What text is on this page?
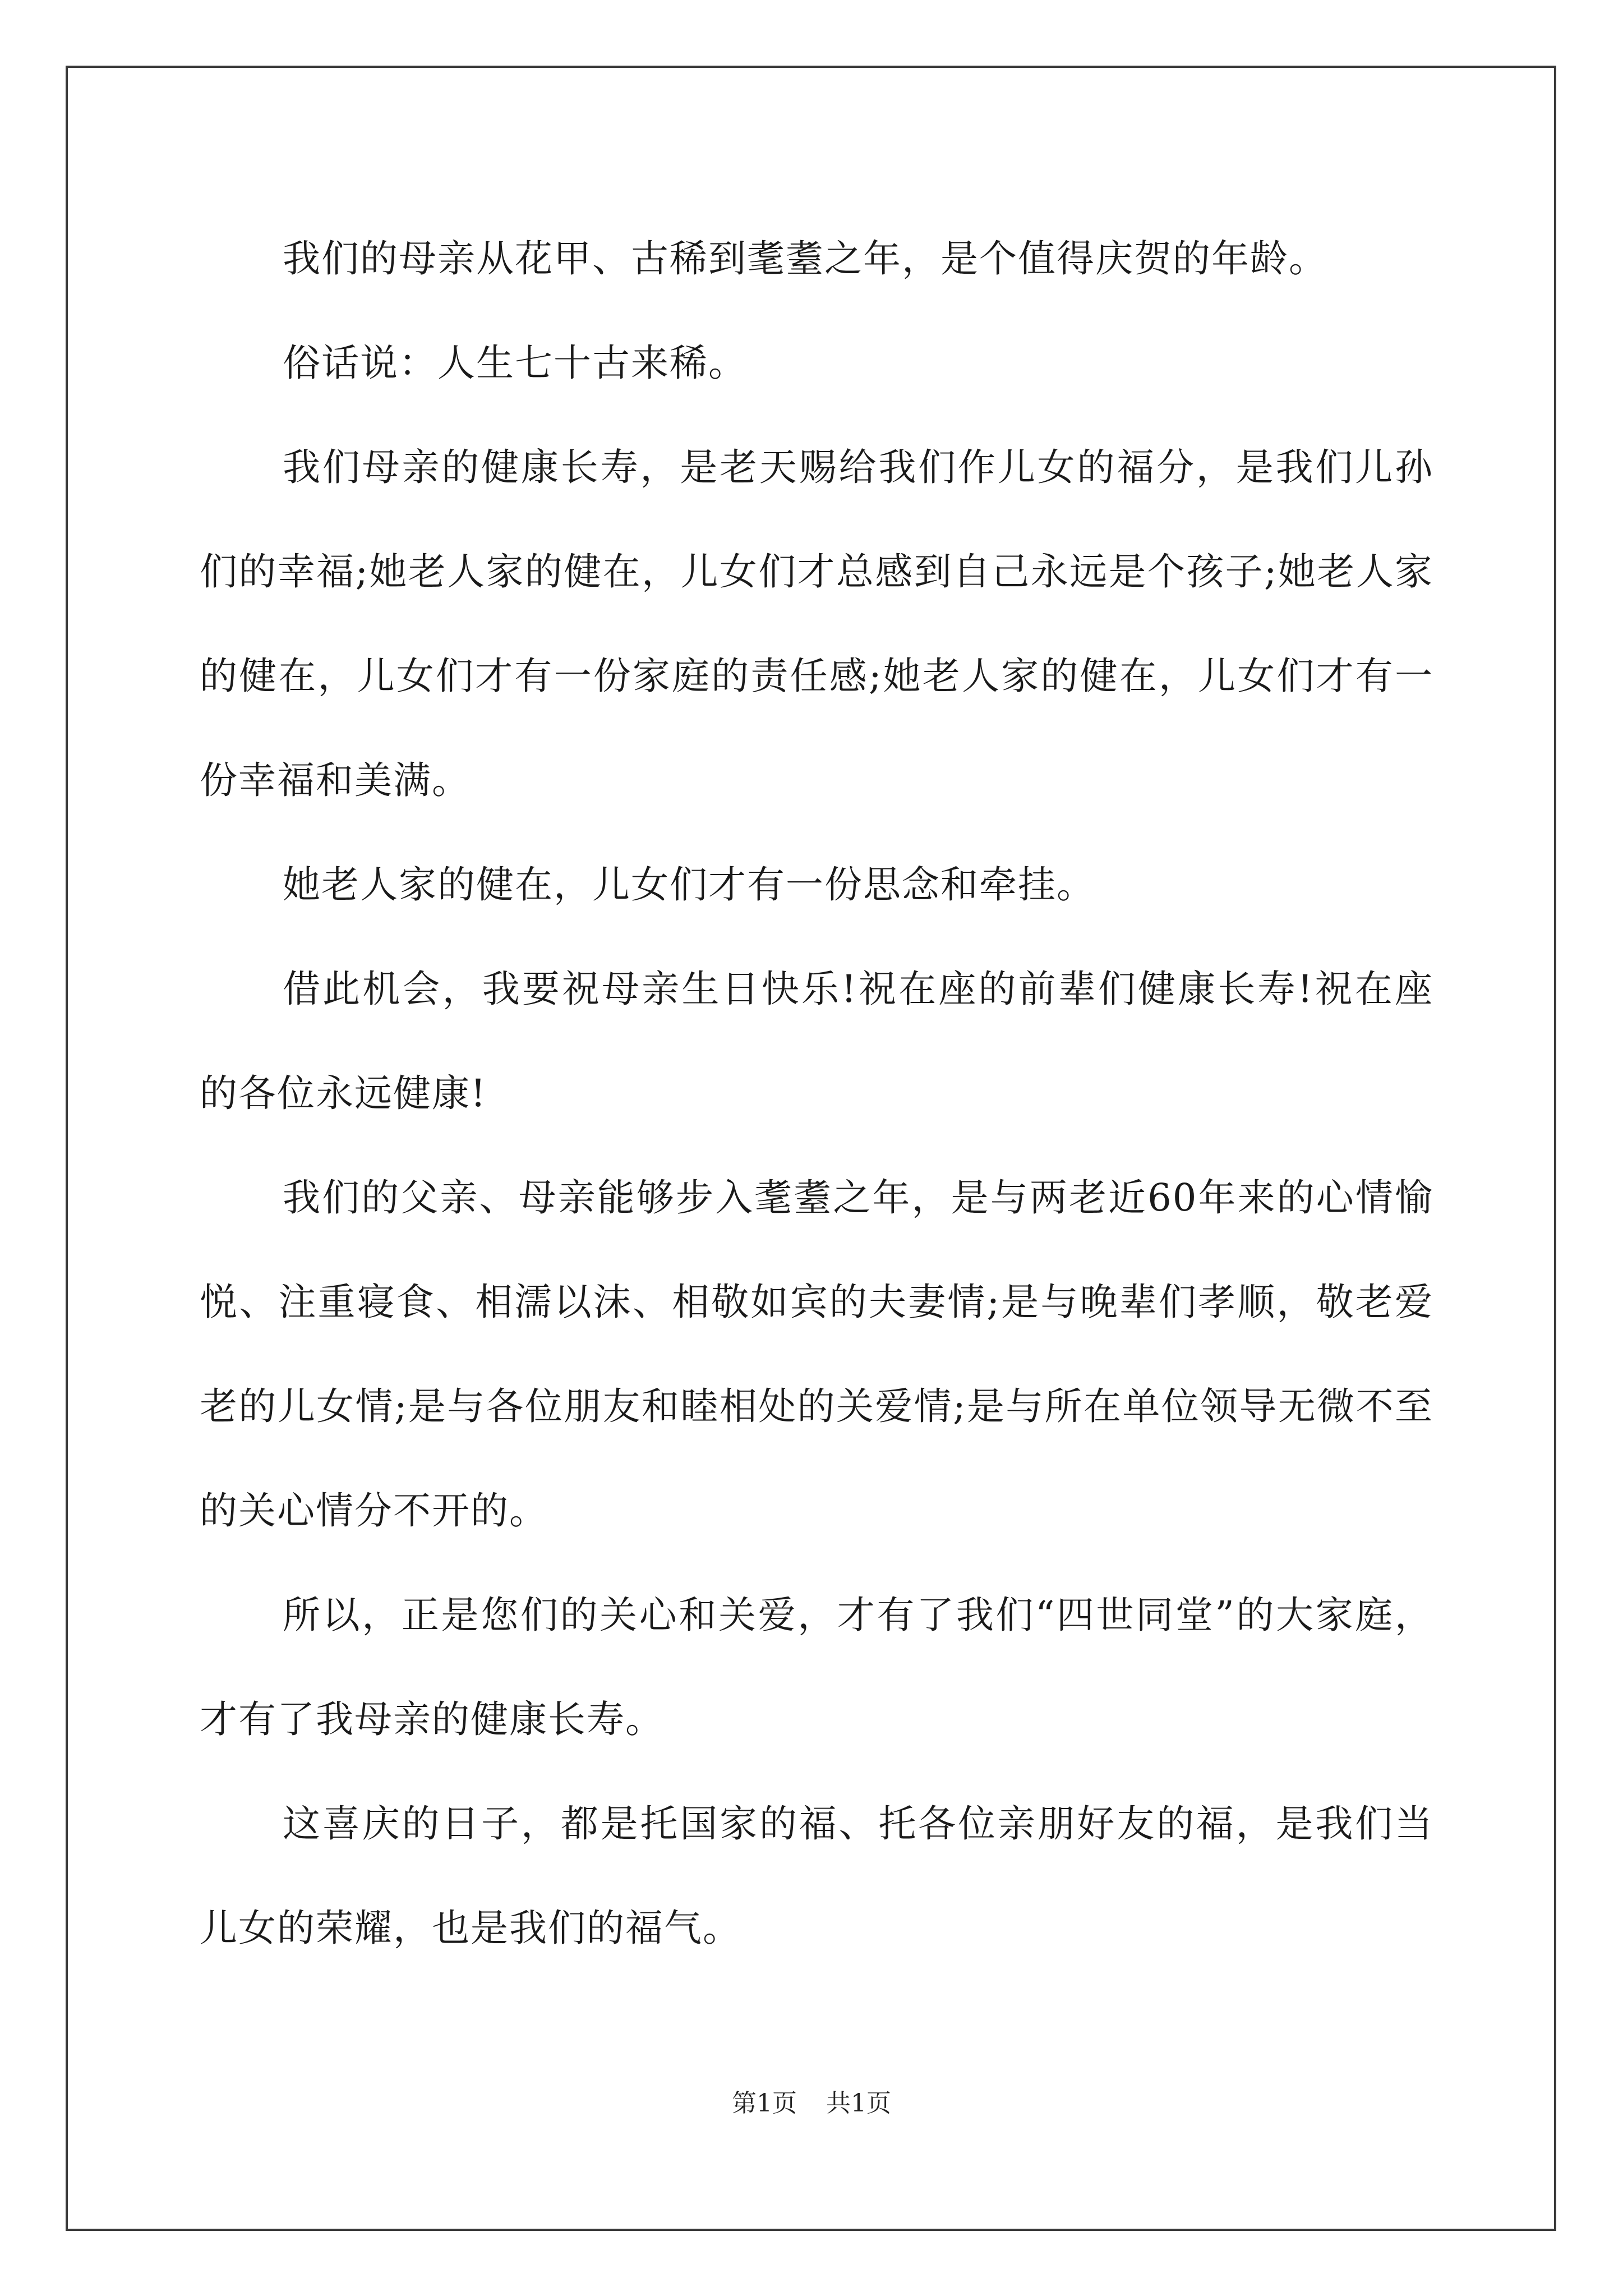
我们的母亲从花甲、古稀到耄耋之年，是个值得庆贺的年龄。

俗话说：人生七十古来稀。

我们母亲的健康长寿，是老天赐给我们作儿女的福分，是我们儿孙们的幸福;她老人家的健在，儿女们才总感到自己永远是个孩子;她老人家的健在，儿女们才有一份家庭的责任感;她老人家的健在，儿女们才有一份幸福和美满。

她老人家的健在，儿女们才有一份思念和牵挂。

借此机会，我要祝母亲生日快乐!祝在座的前辈们健康长寿!祝在座的各位永远健康!

我们的父亲、母亲能够步入耄耋之年，是与两老近60年来的心情愉悦、注重寝食、相濡以沫、相敬如宾的夫妻情;是与晚辈们孝顺，敬老爱老的儿女情;是与各位朋友和睦相处的关爱情;是与所在单位领导无微不至的关心情分不开的。

所以，正是您们的关心和关爱，才有了我们“四世同堂”的大家庭，才有了我母亲的健康长寿。

这喜庆的日子，都是托国家的福、托各位亲朋好友的福，是我们当儿女的荣耀，也是我们的福气。

第1页 共1页
